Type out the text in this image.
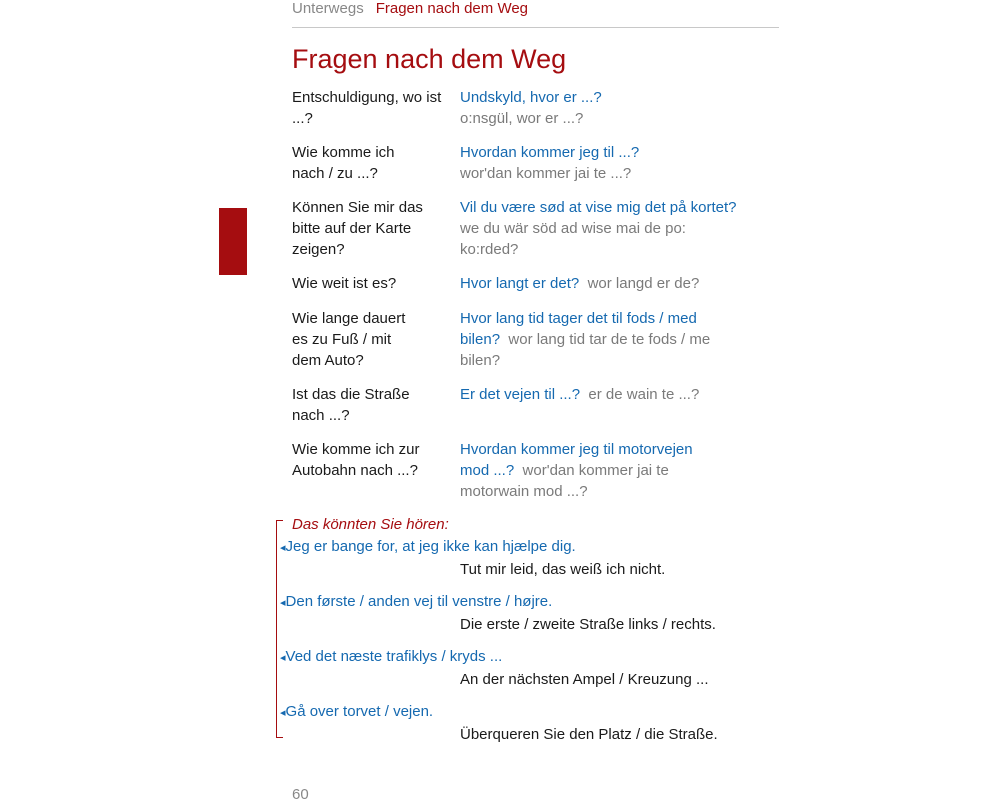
Unterwegs Fragen nach dem Weg
Fragen nach dem Weg
Entschuldigung, wo ist ...?
Undskyld, hvor er ...?
o:nsgül, wor er ...?
Wie komme ich nach / zu ...?
Hvordan kommer jeg til ...?
wor'dan kommer jai te ...?
Können Sie mir das bitte auf der Karte zeigen?
Vil du være sød at vise mig det på kortet?
we du wär söd ad wise mai de po: ko:rded?
Wie weit ist es?	Hvor langt er det? wor langd er de?
Wie lange dauert es zu Fuß / mit dem Auto?
Hvor lang tid tager det til fods / med bilen? wor lang tid tar de te fods / me bilen?
Ist das die Straße nach ...?
Er det vejen til ...? er de wain te ...?
Wie komme ich zur Autobahn nach ...?
Hvordan kommer jeg til motorvejen mod ...? wor'dan kommer jai te motorwain mod ...?
Das könnten Sie hören:
◂Jeg er bange for, at jeg ikke kan hjælpe dig.
Tut mir leid, das weiß ich nicht.
◂Den første / anden vej til venstre / højre.
Die erste / zweite Straße links / rechts.
◂Ved det næste trafiklys / kryds ...
An der nächsten Ampel / Kreuzung ...
◂Gå over torvet / vejen.
Überqueren Sie den Platz / die Straße.
60
